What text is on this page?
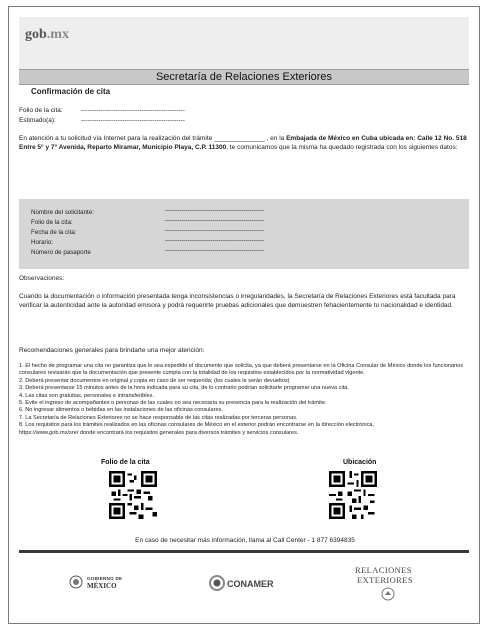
gob.mx
Secretaría de Relaciones Exteriores
Confirmación de cita
Folio de la cita:	------------------------------------------------
Estimado(a):	------------------------------------------------
En atención a tu solicitud vía Internet para la realización del trámite ______________ , en la Embajada de México en Cuba ubicada en: Calle 12 No. 518 Entre 5° y 7° Avenida, Reparto Miramar, Municipio Playa, C.P. 11300, te comunicamos que la misma ha quedado registrada con los siguientes datos:
Nombre del solicitante:	------------------------------------------------
Folio de la cita:	------------------------------------------------
Fecha de la cita:	------------------------------------------------
Horario:	------------------------------------------------
Número de pasaporte	------------------------------------------------
Observaciones:
Cuando la documentación o información presentada tenga inconsistencias o irregularidades, la Secretaría de Relaciones Exteriores está facultada para verificar la autenticidad ante la autoridad emisora y podrá requerirte pruebas adicionales que demuestren fehacientemente tu nacionalidad e identidad.
Recomendaciones generales para brindarte una mejor atención:
1. El hecho de programar una cita no garantiza que le sea expedido el documento que solicita, ya que deberá presentarse en la Oficina Consular de México donde los funcionarios consulares revisarán que la documentación que presente cumpla con la totalidad de los requisitos establecidos por la normatividad vigente.
2. Deberá presentar documentos en original y copia en caso de ser requerida; (los cuales le serán devueltos)
3. Deberá presentarse 15 minutos antes de la hora indicada para su cita, de lo contrario podrían solicitarle programar una nueva cita.
4. Las citas son gratuitas, personales e intransferibles.
5. Evite el ingreso de acompañantes o personas de las cuales no sea necesaria su presencia para la realización del trámite.
6. No ingresar alimentos o bebidas en las instalaciones de las oficinas consulares.
7. La Secretaría de Relaciones Exteriores no se hace responsable de las citas realizadas por terceras personas.
8. Los requisitos para los trámites realizados en las oficinas consulares de México en el exterior podrán encontrarse en la dirección electrónica,
https://www.gob.mx/sre/ donde encontrará los requisitos generales para diversos trámites y servicios consulares.
Folio de la cita	Ubicación
En caso de necesitar más información, llama al Call Center - 1 877 6394835
GOBIERNO DE
MÉXICO	CONAMER
RELACIONES
EXTERIORES
